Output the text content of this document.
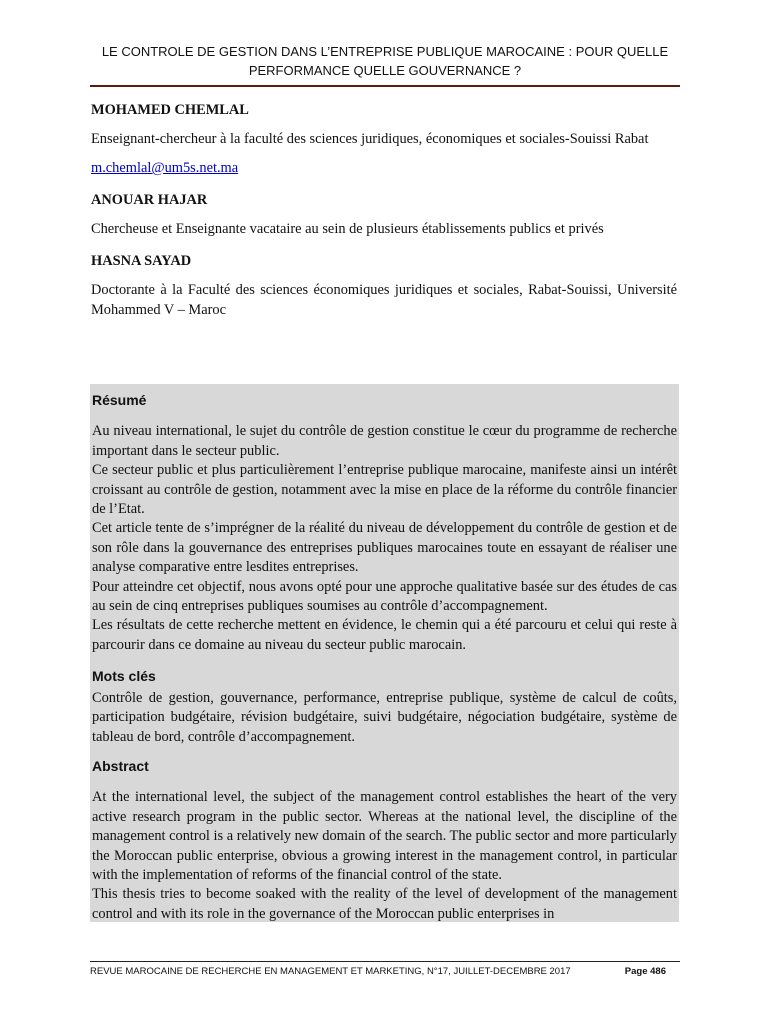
LE CONTROLE DE GESTION DANS L’ENTREPRISE PUBLIQUE MAROCAINE : POUR QUELLE
PERFORMANCE QUELLE GOUVERNANCE ?

MOHAMED CHEMLAL

Enseignant-chercheur à la faculté des sciences juridiques, économiques et sociales-Souissi Rabat

m.chemlal@um5s.net.ma

ANOUAR HAJAR

Chercheuse et Enseignante vacataire au sein de plusieurs établissements publics et privés

HASNA SAYAD

Doctorante à la Faculté des sciences économiques juridiques et sociales, Rabat-Souissi, Université Mohammed V – Maroc

Résumé

Au niveau international, le sujet du contrôle de gestion constitue le cœur du programme de recherche important dans le secteur public.

Ce secteur public et plus particulièrement l’entreprise publique marocaine, manifeste ainsi un intérêt croissant au contrôle de gestion, notamment avec la mise en place de la réforme du contrôle financier de l’Etat.

Cet article tente de s’imprégner de la réalité du niveau de développement du contrôle de gestion et de son rôle dans la gouvernance des entreprises publiques marocaines toute en essayant de réaliser une analyse comparative entre lesdites entreprises.

Pour atteindre cet objectif, nous avons opté pour une approche qualitative basée sur des études de cas au sein de cinq entreprises publiques soumises au contrôle d’accompagnement.

Les résultats de cette recherche mettent en évidence, le chemin qui a été parcouru et celui qui reste à parcourir dans ce domaine au niveau du secteur public marocain.

Mots clés

Contrôle de gestion, gouvernance, performance, entreprise publique, système de calcul de coûts, participation budgétaire, révision budgétaire, suivi budgétaire, négociation budgétaire, système de tableau de bord, contrôle d’accompagnement.

Abstract

At the international level, the subject of the management control establishes the heart of the very active research program in the public sector. Whereas at the national level, the discipline of the management control is a relatively new domain of the search. The public sector and more particularly the Moroccan public enterprise, obvious a growing interest in the management control, in particular with the implementation of reforms of the financial control of the state.

This thesis tries to become soaked with the reality of the level of development of the management control and with its role in the governance of the Moroccan public enterprises in

REVUE MAROCAINE DE RECHERCHE EN MANAGEMENT ET MARKETING, N°17, JUILLET-DECEMBRE 2017	Page 486
